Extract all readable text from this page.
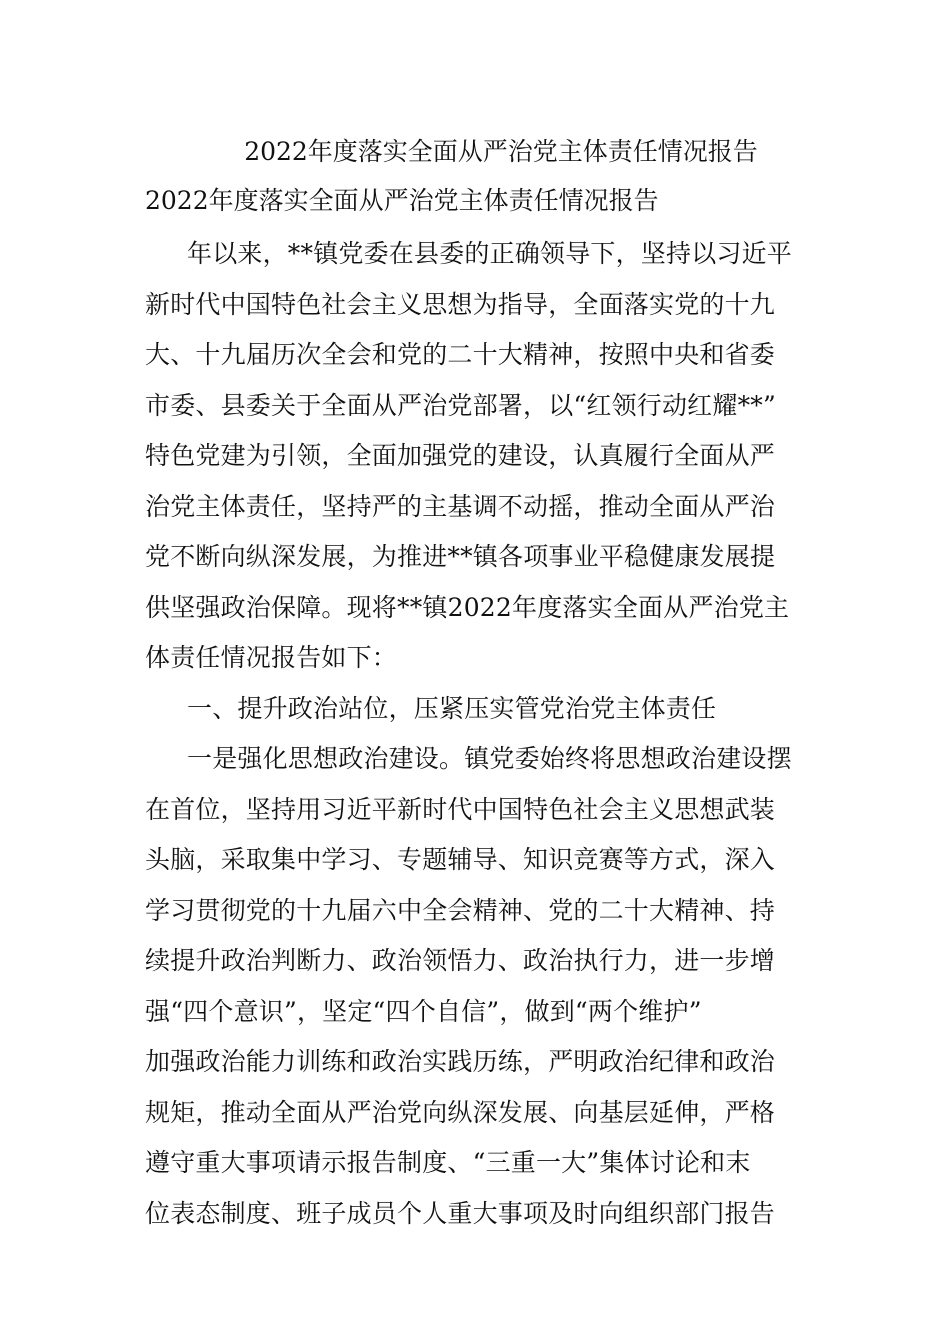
2022年度落实全面从严治党主体责任情况报告
2022年度落实全面从严治党主体责任情况报告
年以来，**镇党委在县委的正确领导下，坚持以习近平
新时代中国特色社会主义思想为指导，全面落实党的十九
大、十九届历次全会和党的二十大精神，按照中央和省委
市委、县委关于全面从严治党部署，以“红领行动红耀**”
特色党建为引领，全面加强党的建设，认真履行全面从严
治党主体责任，坚持严的主基调不动摇，推动全面从严治
党不断向纵深发展，为推进**镇各项事业平稳健康发展提
供坚强政治保障。现将**镇2022年度落实全面从严治党主
体责任情况报告如下：
一、提升政治站位，压紧压实管党治党主体责任
一是强化思想政治建设。镇党委始终将思想政治建设摆
在首位，坚持用习近平新时代中国特色社会主义思想武装
头脑，采取集中学习、专题辅导、知识竞赛等方式，深入
学习贯彻党的十九届六中全会精神、党的二十大精神、持
续提升政治判断力、政治领悟力、政治执行力，进一步增
强“四个意识”，坚定“四个自信”，做到“两个维护”
加强政治能力训练和政治实践历练，严明政治纪律和政治
规矩，推动全面从严治党向纵深发展、向基层延伸，严格
遵守重大事项请示报告制度、“三重一大”集体讨论和末
位表态制度、班子成员个人重大事项及时向组织部门报告
